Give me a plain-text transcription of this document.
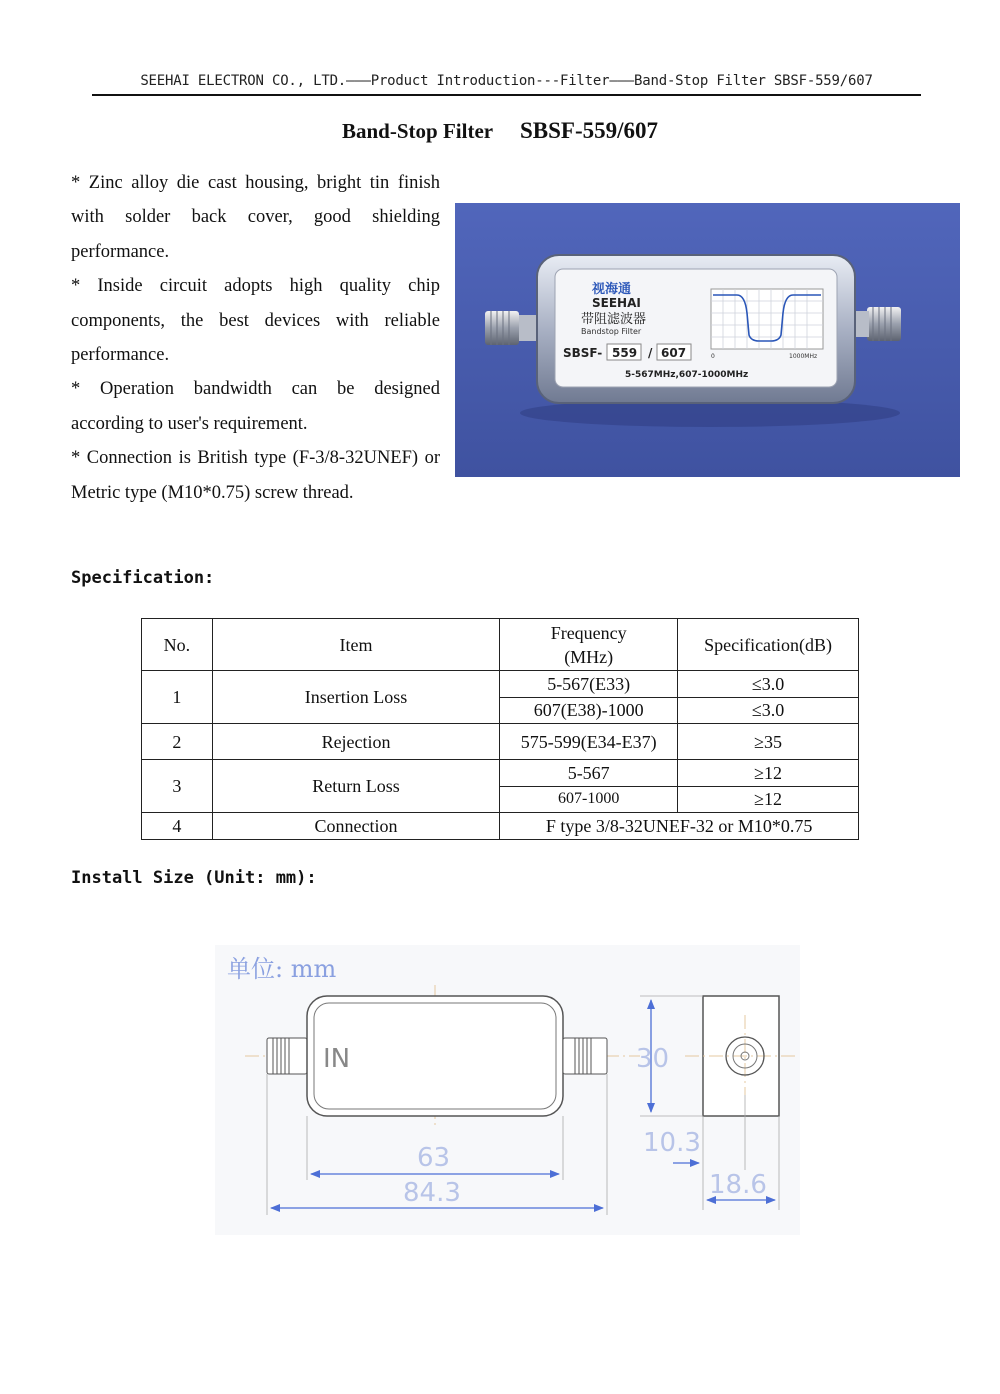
SEEHAI ELECTRON CO., LTD.———Product Introduction---Filter———Band-Stop Filter SBSF-559/607
Band-Stop Filter SBSF-559/607

* Zinc alloy die cast housing, bright tin finish with solder back cover, good shielding performance.

* Inside circuit adopts high quality chip components, the best devices with reliable performance.

* Operation bandwidth can be designed according to user's requirement.

* Connection is British type (F-3/8-32UNEF) or Metric type (M10*0.75) screw thread.

视海通
SEEHAI
带阻滤波器
Bandstop Filter
SBSF- 559 / 607
5-567MHz,607-1000MHz
0	1000MHz
Specification:
No.	Item	Frequency (MHz)	Specification(dB)
1	Insertion Loss	5-567(E33)	≤3.0
		607(E38)-1000	≤3.0
2	Rejection	575-599(E34-E37)	≥35
3	Return Loss	5-567	≥12
		607-1000	≥12
4	Connection	F type 3/8-32UNEF-32 or M10*0.75	
Install Size (Unit: mm):
单位: mm
IN
63
84.3
30
10.3
18.6
